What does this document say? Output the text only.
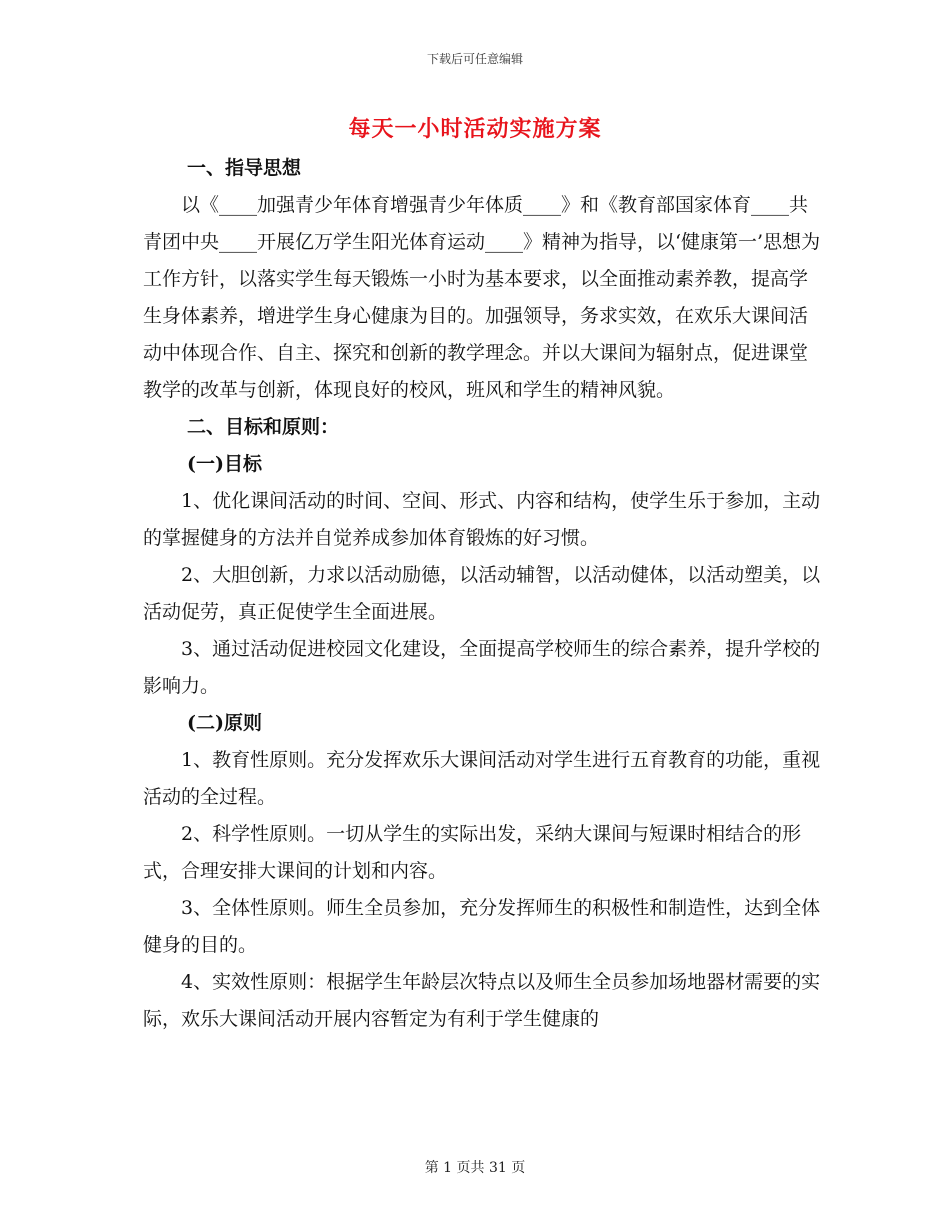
下载后可任意编辑
每天一小时活动实施方案

一、指导思想

以《____加强青少年体育增强青少年体质____》和《教育部国家体育____共青团中央____开展亿万学生阳光体育运动____》精神为指导，以‘健康第一’思想为工作方针，以落实学生每天锻炼一小时为基本要求，以全面推动素养教，提高学生身体素养，增进学生身心健康为目的。加强领导，务求实效，在欢乐大课间活动中体现合作、自主、探究和创新的教学理念。并以大课间为辐射点，促进课堂教学的改革与创新，体现良好的校风，班风和学生的精神风貌。

二、目标和原则：

(一)目标

1、优化课间活动的时间、空间、形式、内容和结构，使学生乐于参加，主动的掌握健身的方法并自觉养成参加体育锻炼的好习惯。

2、大胆创新，力求以活动励德，以活动辅智，以活动健体，以活动塑美，以活动促劳，真正促使学生全面进展。

3、通过活动促进校园文化建设，全面提高学校师生的综合素养，提升学校的影响力。

(二)原则

1、教育性原则。充分发挥欢乐大课间活动对学生进行五育教育的功能，重视活动的全过程。

2、科学性原则。一切从学生的实际出发，采纳大课间与短课时相结合的形式，合理安排大课间的计划和内容。

3、全体性原则。师生全员参加，充分发挥师生的积极性和制造性，达到全体健身的目的。

4、实效性原则：根据学生年龄层次特点以及师生全员参加场地器材需要的实际，欢乐大课间活动开展内容暂定为有利于学生健康的

第 1 页共 31 页
